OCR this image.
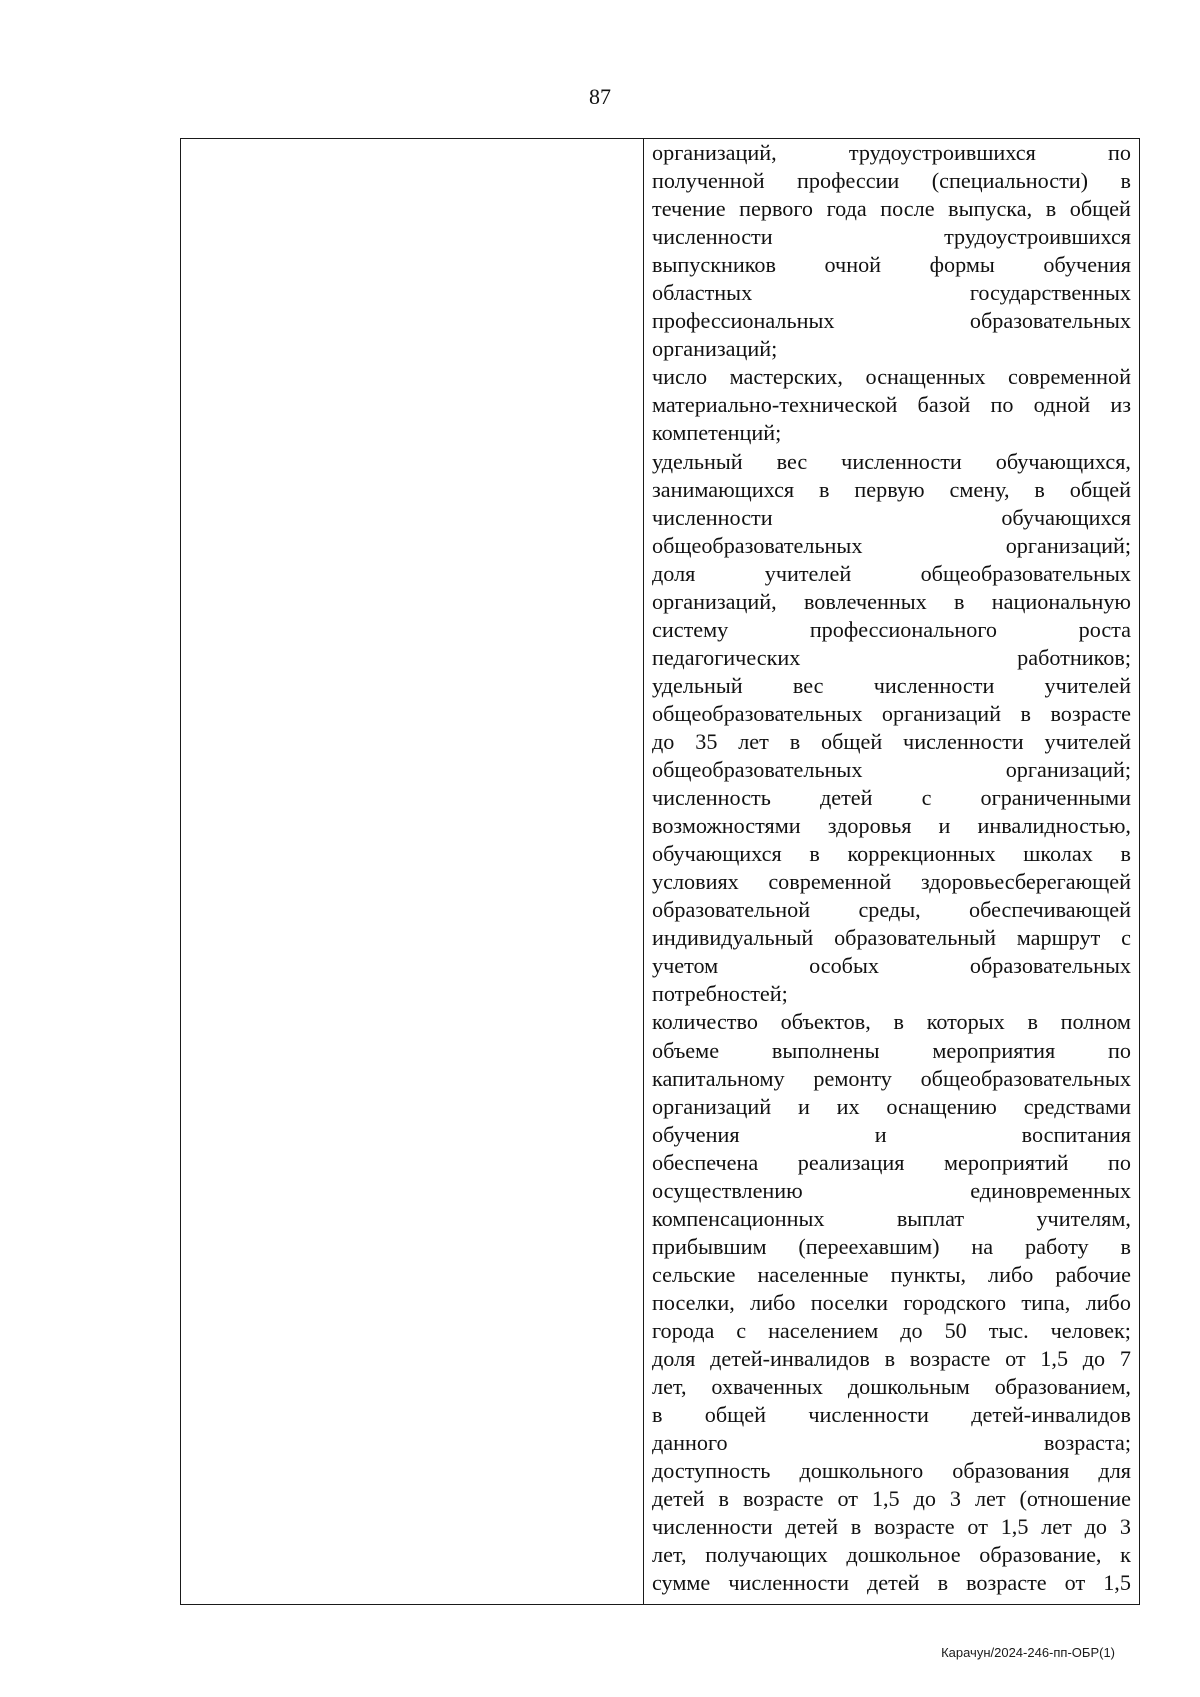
87
организаций,	трудоустроившихся	по
полученной профессии (специальности) в
течение первого года после выпуска, в общей
численности	трудоустроившихся
выпускников очной формы обучения
областных	государственных
профессиональных	образовательных
организаций;
число мастерских, оснащенных современной
материально-технической базой по одной из
компетенций;
удельный вес численности обучающихся,
занимающихся в первую смену, в общей
численности	обучающихся
общеобразовательных	организаций;
доля	учителей	общеобразовательных
организаций, вовлеченных в национальную
систему	профессионального	роста
педагогических	работников;
удельный вес численности учителей
общеобразовательных организаций в возрасте
до 35 лет в общей численности учителей
общеобразовательных	организаций;
численность детей с ограниченными
возможностями здоровья и инвалидностью,
обучающихся в коррекционных школах в
условиях современной здоровьесберегающей
образовательной среды, обеспечивающей
индивидуальный образовательный маршрут с
учетом	особых	образовательных
потребностей;
количество объектов, в которых в полном
объеме выполнены мероприятия по
капитальному ремонту общеобразовательных
организаций и их оснащению средствами
обучения	и	воспитания
обеспечена реализация мероприятий по
осуществлению	единовременных
компенсационных	выплат	учителям,
прибывшим (переехавшим) на работу в
сельские населенные пункты, либо рабочие
поселки, либо поселки городского типа, либо
города с населением до 50 тыс. человек;
доля детей-инвалидов в возрасте от 1,5 до 7
лет, охваченных дошкольным образованием,
в общей численности детей-инвалидов
данного	возраста;
доступность дошкольного образования для
детей в возрасте от 1,5 до 3 лет (отношение
численности детей в возрасте от 1,5 лет до 3
лет, получающих дошкольное образование, к
сумме численности детей в возрасте от 1,5
Карачун/2024-246-пп-ОБР(1)
